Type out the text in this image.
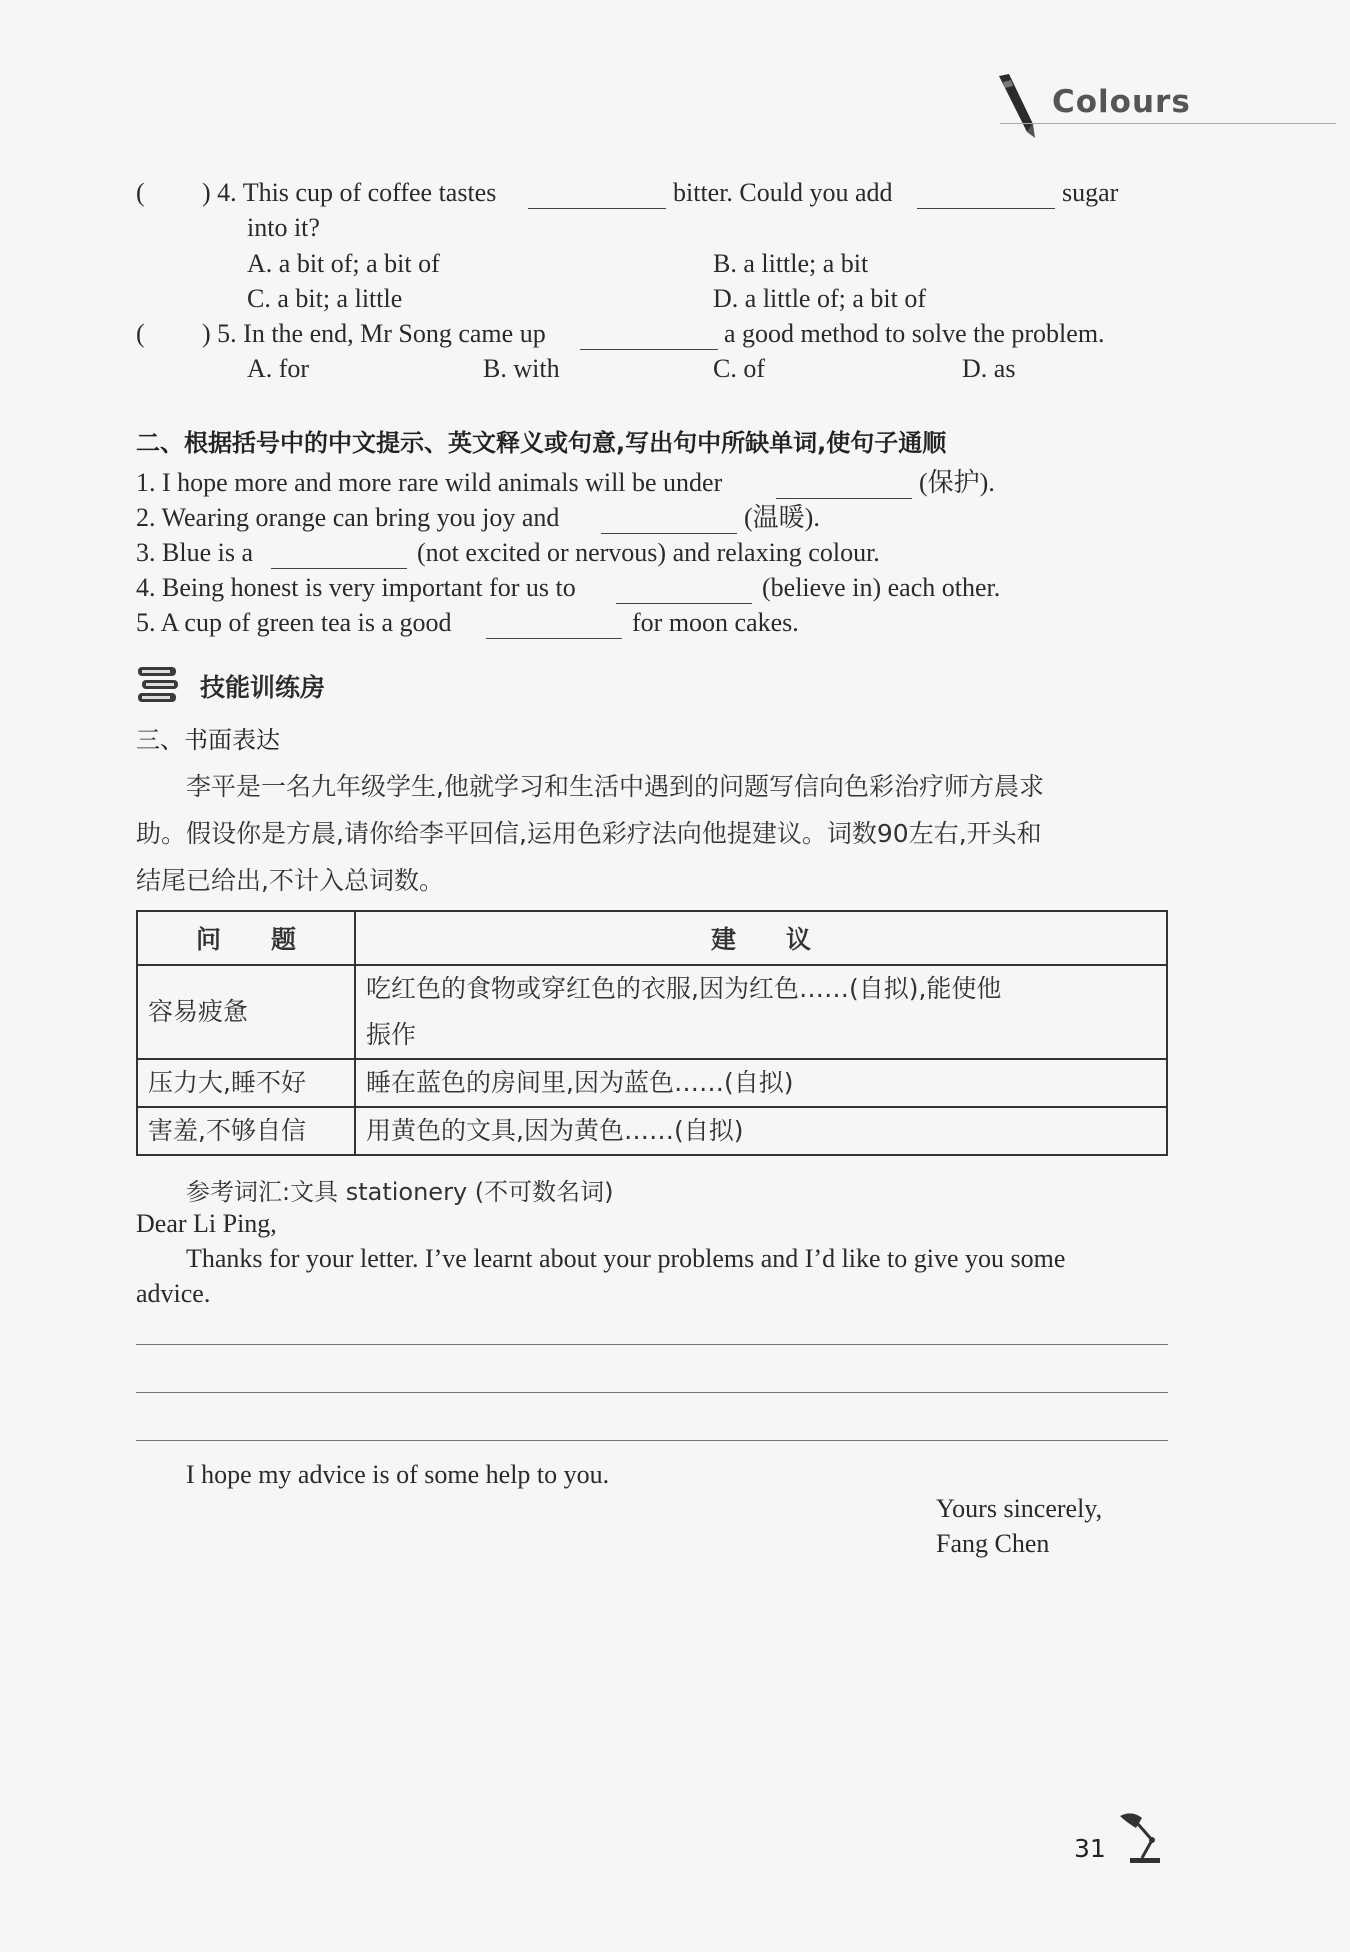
Colours
( ) 4. This cup of coffee tastes	bitter. Could you add	sugar
into it?
A. a bit of; a bit of	B. a little; a bit
C. a bit; a little	D. a little of; a bit of
( ) 5. In the end, Mr Song came up	a good method to solve the problem.
A. for	B. with	C. of	D. as
二、根据括号中的中文提示、英文释义或句意,写出句中所缺单词,使句子通顺
1. I hope more and more rare wild animals will be under	(保护).
2. Wearing orange can bring you joy and	(温暖).
3. Blue is a	(not excited or nervous) and relaxing colour.
4. Being honest is very important for us to	(believe in) each other.
5. A cup of green tea is a good	for moon cakes.
技能训练房
三、书面表达
李平是一名九年级学生,他就学习和生活中遇到的问题写信向色彩治疗师方晨求
助。假设你是方晨,请你给李平回信,运用色彩疗法向他提建议。词数90左右,开头和
结尾已给出,不计入总词数。
问　　题	建　　议
容易疲惫	吃红色的食物或穿红色的衣服,因为红色……(自拟),能使他
振作

压力大,睡不好	睡在蓝色的房间里,因为蓝色……(自拟)
害羞,不够自信	用黄色的文具,因为黄色……(自拟)
参考词汇:文具 stationery (不可数名词)
Dear Li Ping,
Thanks for your letter. I’ve learnt about your problems and I’d like to give you some
advice.
I hope my advice is of some help to you.
Yours sincerely,
Fang Chen
31
